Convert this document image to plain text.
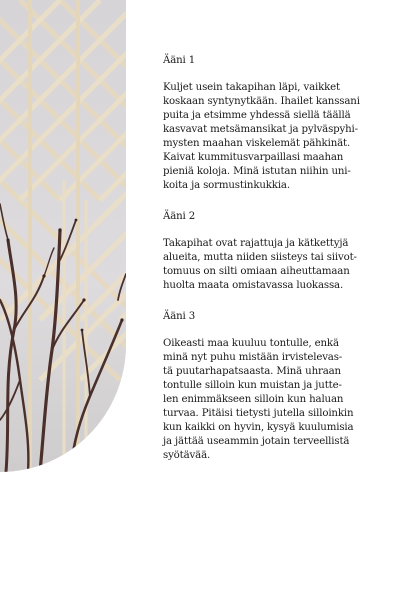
Ääni 1

Kuljet usein takapihan läpi, vaikket
koskaan syntynytkään. Ihailet kanssani
puita ja etsimme yhdessä siellä täällä
kasvavat metsämansikat ja pylväspyhi-
mysten maahan viskelemät pähkinät.
Kaivat kummitusvarpaillasi maahan
pieniä koloja. Minä istutan niihin uni-
koita ja sormustinkukkia.

Ääni 2

Takapihat ovat rajattuja ja kätkettyjä
alueita, mutta niiden siisteys tai siivot-
tomuus on silti omiaan aiheuttamaan
huolta maata omistavassa luokassa.

Ääni 3

Oikeasti maa kuuluu tontulle, enkä
minä nyt puhu mistään irvistelevas-
tä puutarhapatsaasta. Minä uhraan
tontulle silloin kun muistan ja jutte-
len enimmäkseen silloin kun haluan
turvaa. Pitäisi tietysti jutella silloinkin
kun kaikki on hyvin, kysyä kuulumisia
ja jättää useammin jotain terveellistä
syötävää.
